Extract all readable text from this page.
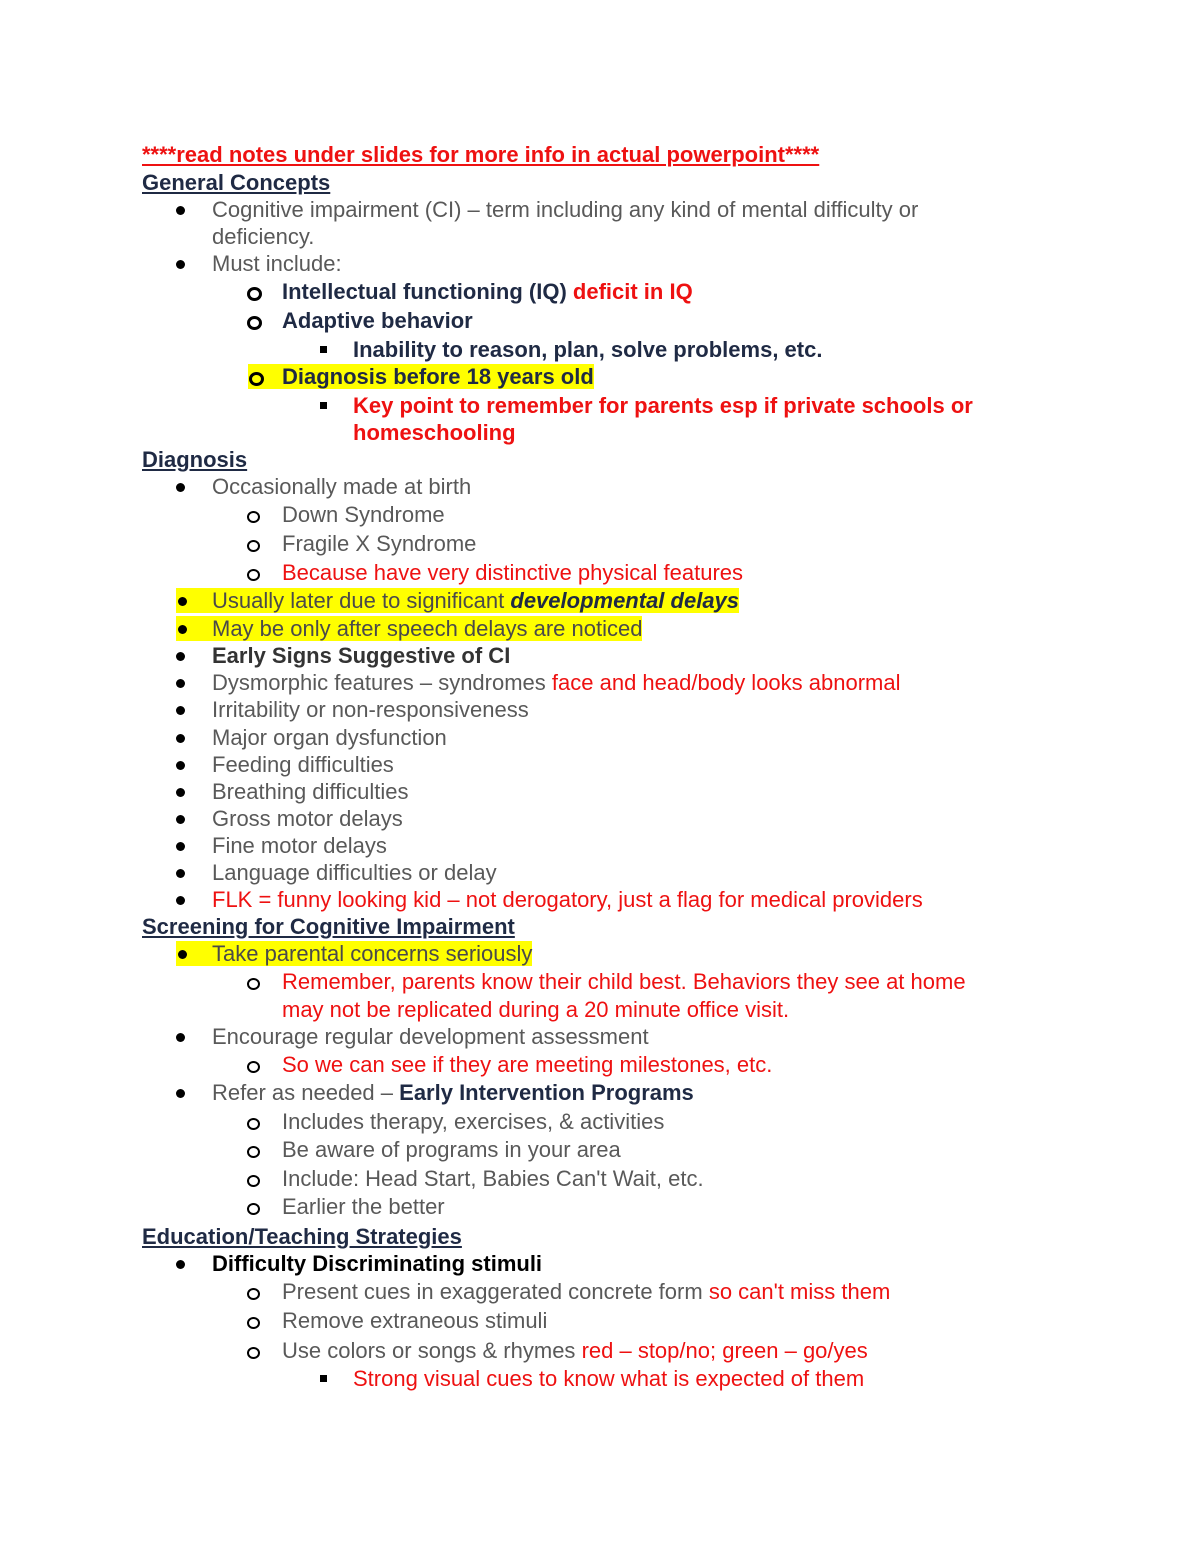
****read notes under slides for more info in actual powerpoint****
General Concepts
Cognitive impairment (CI) – term including any kind of mental difficulty or
deficiency.
Must include:
Intellectual functioning (IQ) deficit in IQ
Adaptive behavior
Inability to reason, plan, solve problems, etc.
Diagnosis before 18 years old
Key point to remember for parents esp if private schools or
homeschooling
Diagnosis
Occasionally made at birth
Down Syndrome
Fragile X Syndrome
Because have very distinctive physical features
Usually later due to significant developmental delays
May be only after speech delays are noticed
Early Signs Suggestive of CI
Dysmorphic features – syndromes face and head/body looks abnormal
Irritability or non-responsiveness
Major organ dysfunction
Feeding difficulties
Breathing difficulties
Gross motor delays
Fine motor delays
Language difficulties or delay
FLK = funny looking kid – not derogatory, just a flag for medical providers
Screening for Cognitive Impairment
Take parental concerns seriously
Remember, parents know their child best. Behaviors they see at home
may not be replicated during a 20 minute office visit.
Encourage regular development assessment
So we can see if they are meeting milestones, etc.
Refer as needed – Early Intervention Programs
Includes therapy, exercises, & activities
Be aware of programs in your area
Include: Head Start, Babies Can't Wait, etc.
Earlier the better
Education/Teaching Strategies
Difficulty Discriminating stimuli
Present cues in exaggerated concrete form so can't miss them
Remove extraneous stimuli
Use colors or songs & rhymes red – stop/no; green – go/yes
Strong visual cues to know what is expected of them
